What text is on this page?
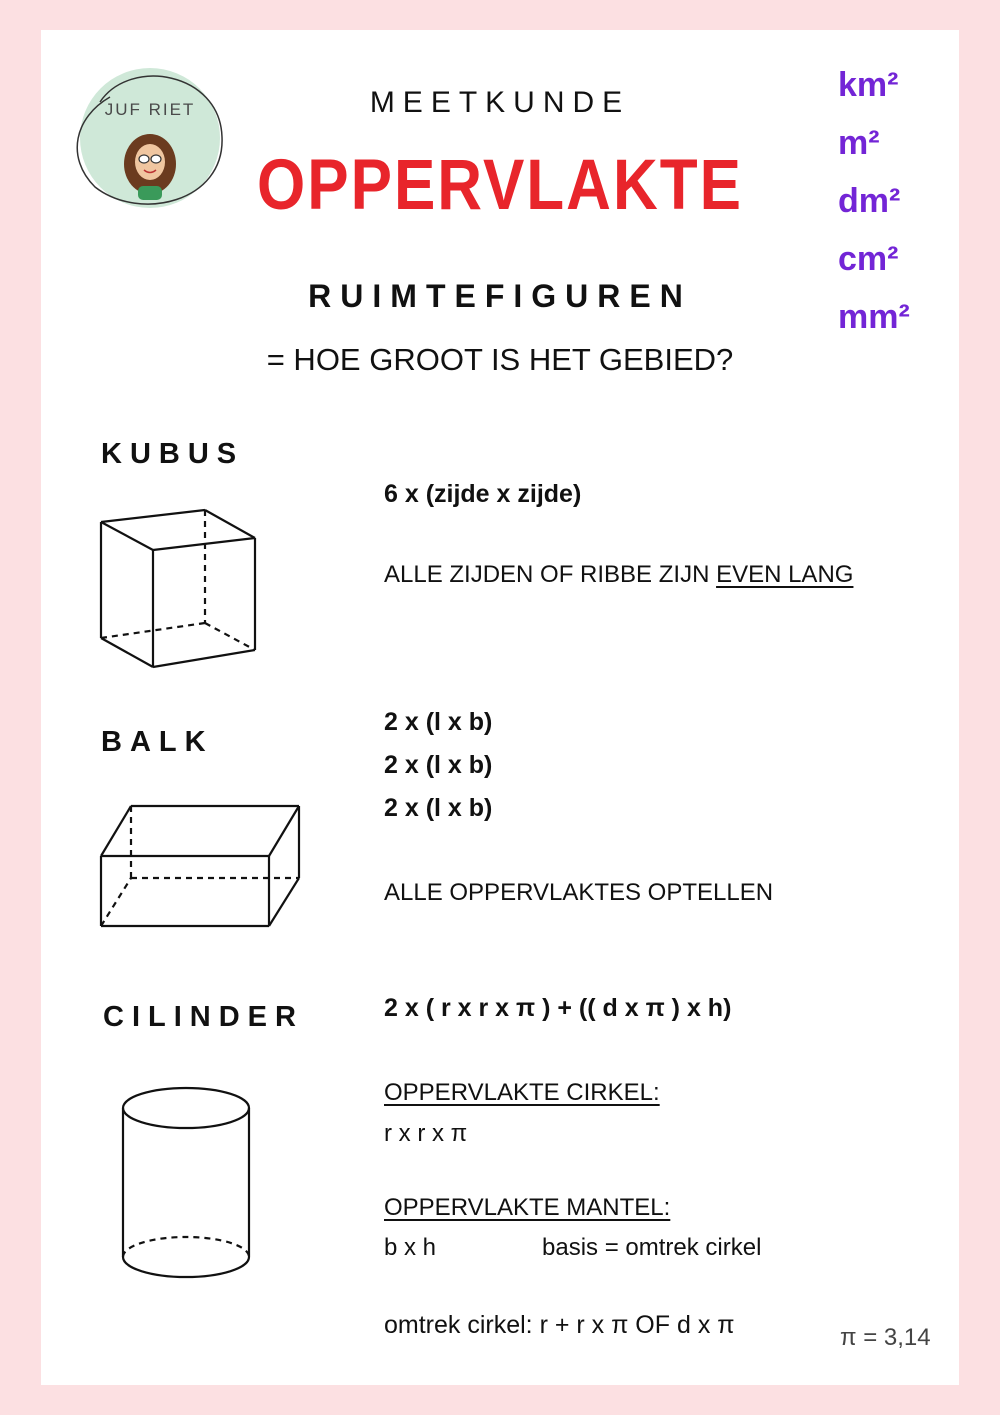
JUF RIET	MEETKUNDE
OPPERVLAKTE
RUIMTEFIGUREN
= HOE GROOT IS HET GEBIED?
km²
m²
dm²
cm²
mm²
KUBUS
6 x (zijde x zijde)
ALLE ZIJDEN OF RIBBE ZIJN EVEN LANG
BALK
2 x (l x b)
2 x (l x b)
2 x (l x b)
ALLE OPPERVLAKTES OPTELLEN
CILINDER	2 x ( r x r x π ) + (( d x π ) x h)
OPPERVLAKTE CIRKEL:
r x r x π
OPPERVLAKTE MANTEL:
b x h	basis = omtrek cirkel
omtrek cirkel: r + r x π OF d x π	π = 3,14
